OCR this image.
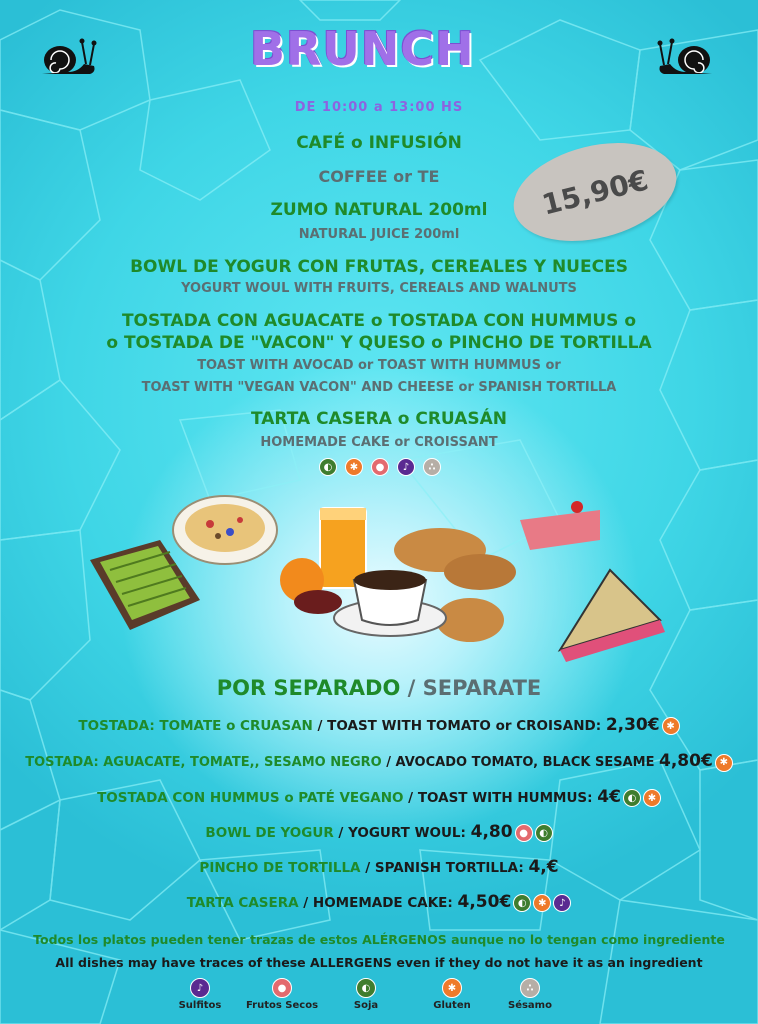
BRUNCH
DE 10:00 a 13:00 HS
15,90€
CAFÉ o INFUSIÓN
COFFEE or TE
ZUMO NATURAL 200ml
NATURAL JUICE 200ml
BOWL DE YOGUR CON FRUTAS, CEREALES Y NUECES
YOGURT WOUL WITH FRUITS, CEREALS AND WALNUTS
TOSTADA CON AGUACATE o TOSTADA CON HUMMUS o
o TOSTADA DE "VACON" Y QUESO o PINCHO DE TORTILLA
TOAST WITH AVOCAD or TOAST WITH HUMMUS or
TOAST WITH "VEGAN VACON" AND CHEESE or SPANISH TORTILLA
TARTA CASERA o CRUASÁN
HOMEMADE CAKE or CROISSANT
◐	✱	●	♪	∴
POR SEPARADO / SEPARATE
TOSTADA: TOMATE o CRUASAN / TOAST WITH TOMATO or CROISAND: 2,30€ ✱
TOSTADA: AGUACATE, TOMATE,, SESAMO NEGRO / AVOCADO TOMATO, BLACK SESAME 4,80€ ✱
TOSTADA CON HUMMUS o PATÉ VEGANO / TOAST WITH HUMMUS: 4€ ◐ ✱
BOWL DE YOGUR / YOGURT WOUL: 4,80 ● ◐
PINCHO DE TORTILLA / SPANISH TORTILLA: 4,€
TARTA CASERA / HOMEMADE CAKE: 4,50€ ◐ ✱ ♪
Todos los platos pueden tener trazas de estos ALÉRGENOS aunque no lo tengan como ingrediente
All dishes may have traces of these ALLERGENS even if they do not have it as an ingredient
♪
Sulfitos
●
Frutos Secos
◐
Soja
✱
Gluten
∴
Sésamo
